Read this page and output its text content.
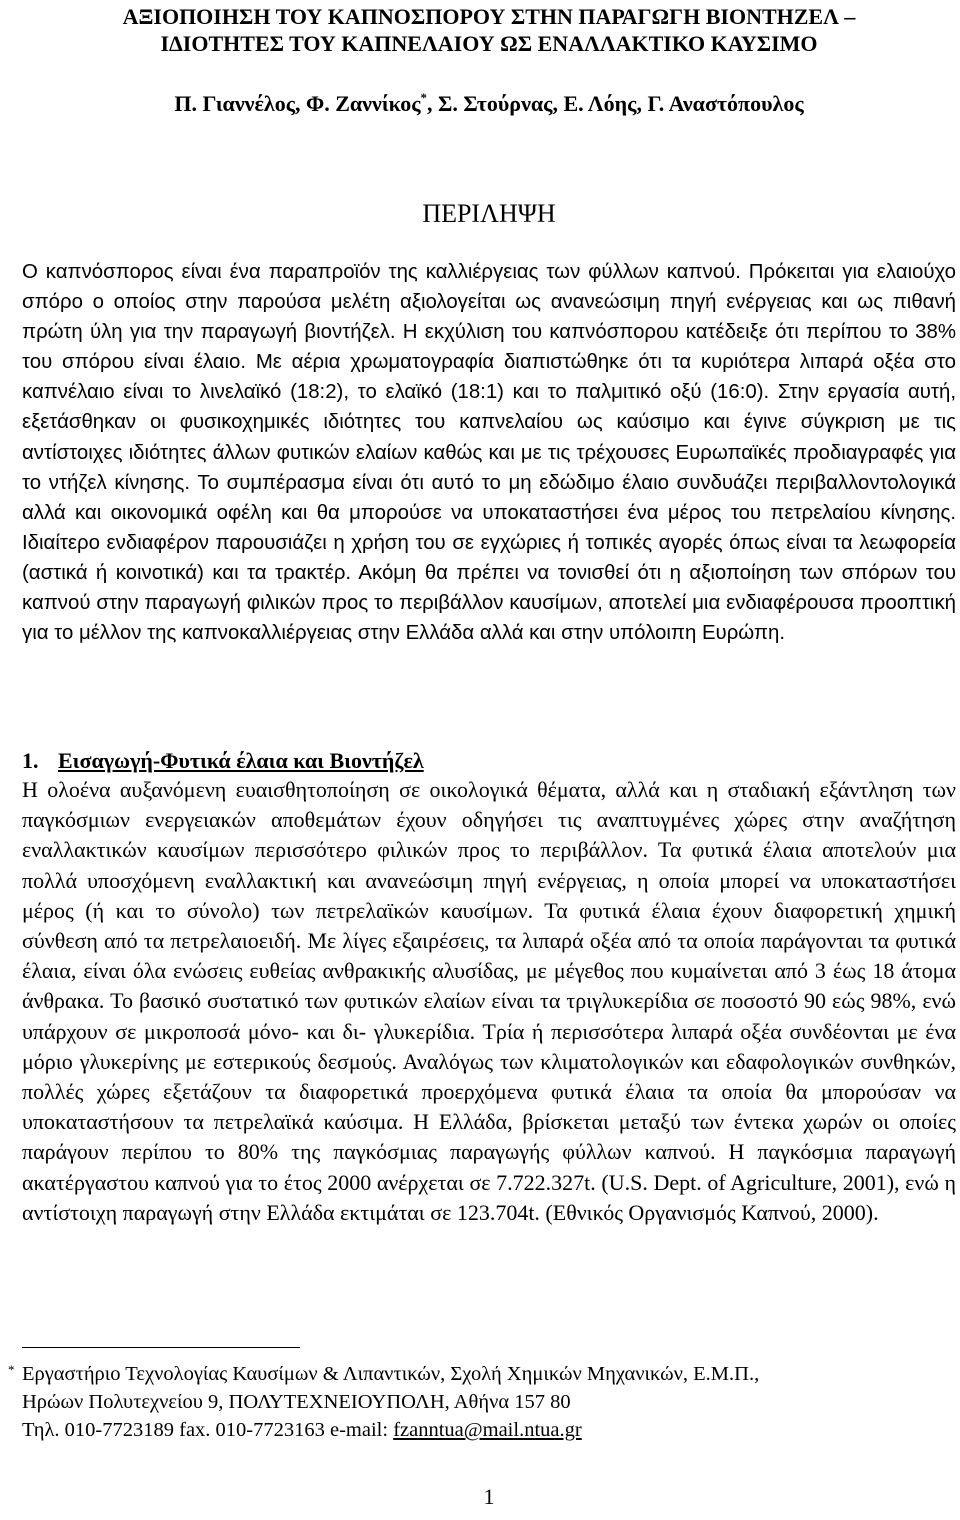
ΑΞΙΟΠΟΙΗΣΗ ΤΟΥ ΚΑΠΝΟΣΠΟΡΟΥ ΣΤΗΝ ΠΑΡΑΓΩΓΗ ΒΙΟΝΤΗΖΕΛ –
ΙΔΙΟΤΗΤΕΣ ΤΟΥ ΚΑΠΝΕΛΑΙΟΥ ΩΣ ΕΝΑΛΛΑΚΤΙΚΟ ΚΑΥΣΙΜΟ
Π. Γιαννέλος, Φ. Ζαννίκος*, Σ. Στούρνας, Ε. Λόης, Γ. Αναστόπουλος
ΠΕΡΙΛΗΨΗ

Ο καπνόσπορος είναι ένα παραπροϊόν της καλλιέργειας των φύλλων καπνού. Πρόκειται για ελαιούχο σπόρο ο οποίος στην παρούσα μελέτη αξιολογείται ως ανανεώσιμη πηγή ενέργειας και ως πιθανή πρώτη ύλη για την παραγωγή βιοντήζελ. Η εκχύλιση του καπνόσπορου κατέδειξε ότι περίπου το 38% του σπόρου είναι έλαιο. Με αέρια χρωματογραφία διαπιστώθηκε ότι τα κυριότερα λιπαρά οξέα στο καπνέλαιο είναι το λινελαϊκό (18:2), το ελαϊκό (18:1) και το παλμιτικό οξύ (16:0). Στην εργασία αυτή, εξετάσθηκαν οι φυσικοχημικές ιδιότητες του καπνελαίου ως καύσιμο και έγινε σύγκριση με τις αντίστοιχες ιδιότητες άλλων φυτικών ελαίων καθώς και με τις τρέχουσες Ευρωπαϊκές προδιαγραφές για το ντήζελ κίνησης. Το συμπέρασμα είναι ότι αυτό το μη εδώδιμο έλαιο συνδυάζει περιβαλλοντολογικά αλλά και οικονομικά οφέλη και θα μπορούσε να υποκαταστήσει ένα μέρος του πετρελαίου κίνησης. Ιδιαίτερο ενδιαφέρον παρουσιάζει η χρήση του σε εγχώριες ή τοπικές αγορές όπως είναι τα λεωφορεία (αστικά ή κοινοτικά) και τα τρακτέρ. Ακόμη θα πρέπει να τονισθεί ότι η αξιοποίηση των σπόρων του καπνού στην παραγωγή φιλικών προς το περιβάλλον καυσίμων, αποτελεί μια ενδιαφέρουσα προοπτική για το μέλλον της καπνοκαλλιέργειας στην Ελλάδα αλλά και στην υπόλοιπη Ευρώπη.

1. Εισαγωγή-Φυτικά έλαια και Βιοντήζελ

Η ολοένα αυξανόμενη ευαισθητοποίηση σε οικολογικά θέματα, αλλά και η σταδιακή εξάντληση των παγκόσμιων ενεργειακών αποθεμάτων έχουν οδηγήσει τις αναπτυγμένες χώρες στην αναζήτηση εναλλακτικών καυσίμων περισσότερο φιλικών προς το περιβάλλον. Τα φυτικά έλαια αποτελούν μια πολλά υποσχόμενη εναλλακτική και ανανεώσιμη πηγή ενέργειας, η οποία μπορεί να υποκαταστήσει μέρος (ή και το σύνολο) των πετρελαϊκών καυσίμων. Τα φυτικά έλαια έχουν διαφορετική χημική σύνθεση από τα πετρελαιοειδή. Με λίγες εξαιρέσεις, τα λιπαρά οξέα από τα οποία παράγονται τα φυτικά έλαια, είναι όλα ενώσεις ευθείας ανθρακικής αλυσίδας, με μέγεθος που κυμαίνεται από 3 έως 18 άτομα άνθρακα. Το βασικό συστατικό των φυτικών ελαίων είναι τα τριγλυκερίδια σε ποσοστό 90 εώς 98%, ενώ υπάρχουν σε μικροποσά μόνο- και δι- γλυκερίδια. Τρία ή περισσότερα λιπαρά οξέα συνδέονται με ένα μόριο γλυκερίνης με εστερικούς δεσμούς. Αναλόγως των κλιματολογικών και εδαφολογικών συνθηκών, πολλές χώρες εξετάζουν τα διαφορετικά προερχόμενα φυτικά έλαια τα οποία θα μπορούσαν να υποκαταστήσουν τα πετρελαϊκά καύσιμα. Η Ελλάδα, βρίσκεται μεταξύ των έντεκα χωρών οι οποίες παράγουν περίπου το 80% της παγκόσμιας παραγωγής φύλλων καπνού. Η παγκόσμια παραγωγή ακατέργαστου καπνού για το έτος 2000 ανέρχεται σε 7.722.327t. (U.S. Dept. of Agriculture, 2001), ενώ η αντίστοιχη παραγωγή στην Ελλάδα εκτιμάται σε 123.704t. (Εθνικός Οργανισμός Καπνού, 2000).

* Εργαστήριο Τεχνολογίας Καυσίμων & Λιπαντικών, Σχολή Χημικών Μηχανικών, Ε.Μ.Π.,
Ηρώων Πολυτεχνείου 9, ΠΟΛΥΤΕΧΝΕΙΟΥΠΟΛΗ, Αθήνα 157 80
Τηλ. 010-7723189 fax. 010-7723163 e-mail: fzanntua@mail.ntua.gr
1
